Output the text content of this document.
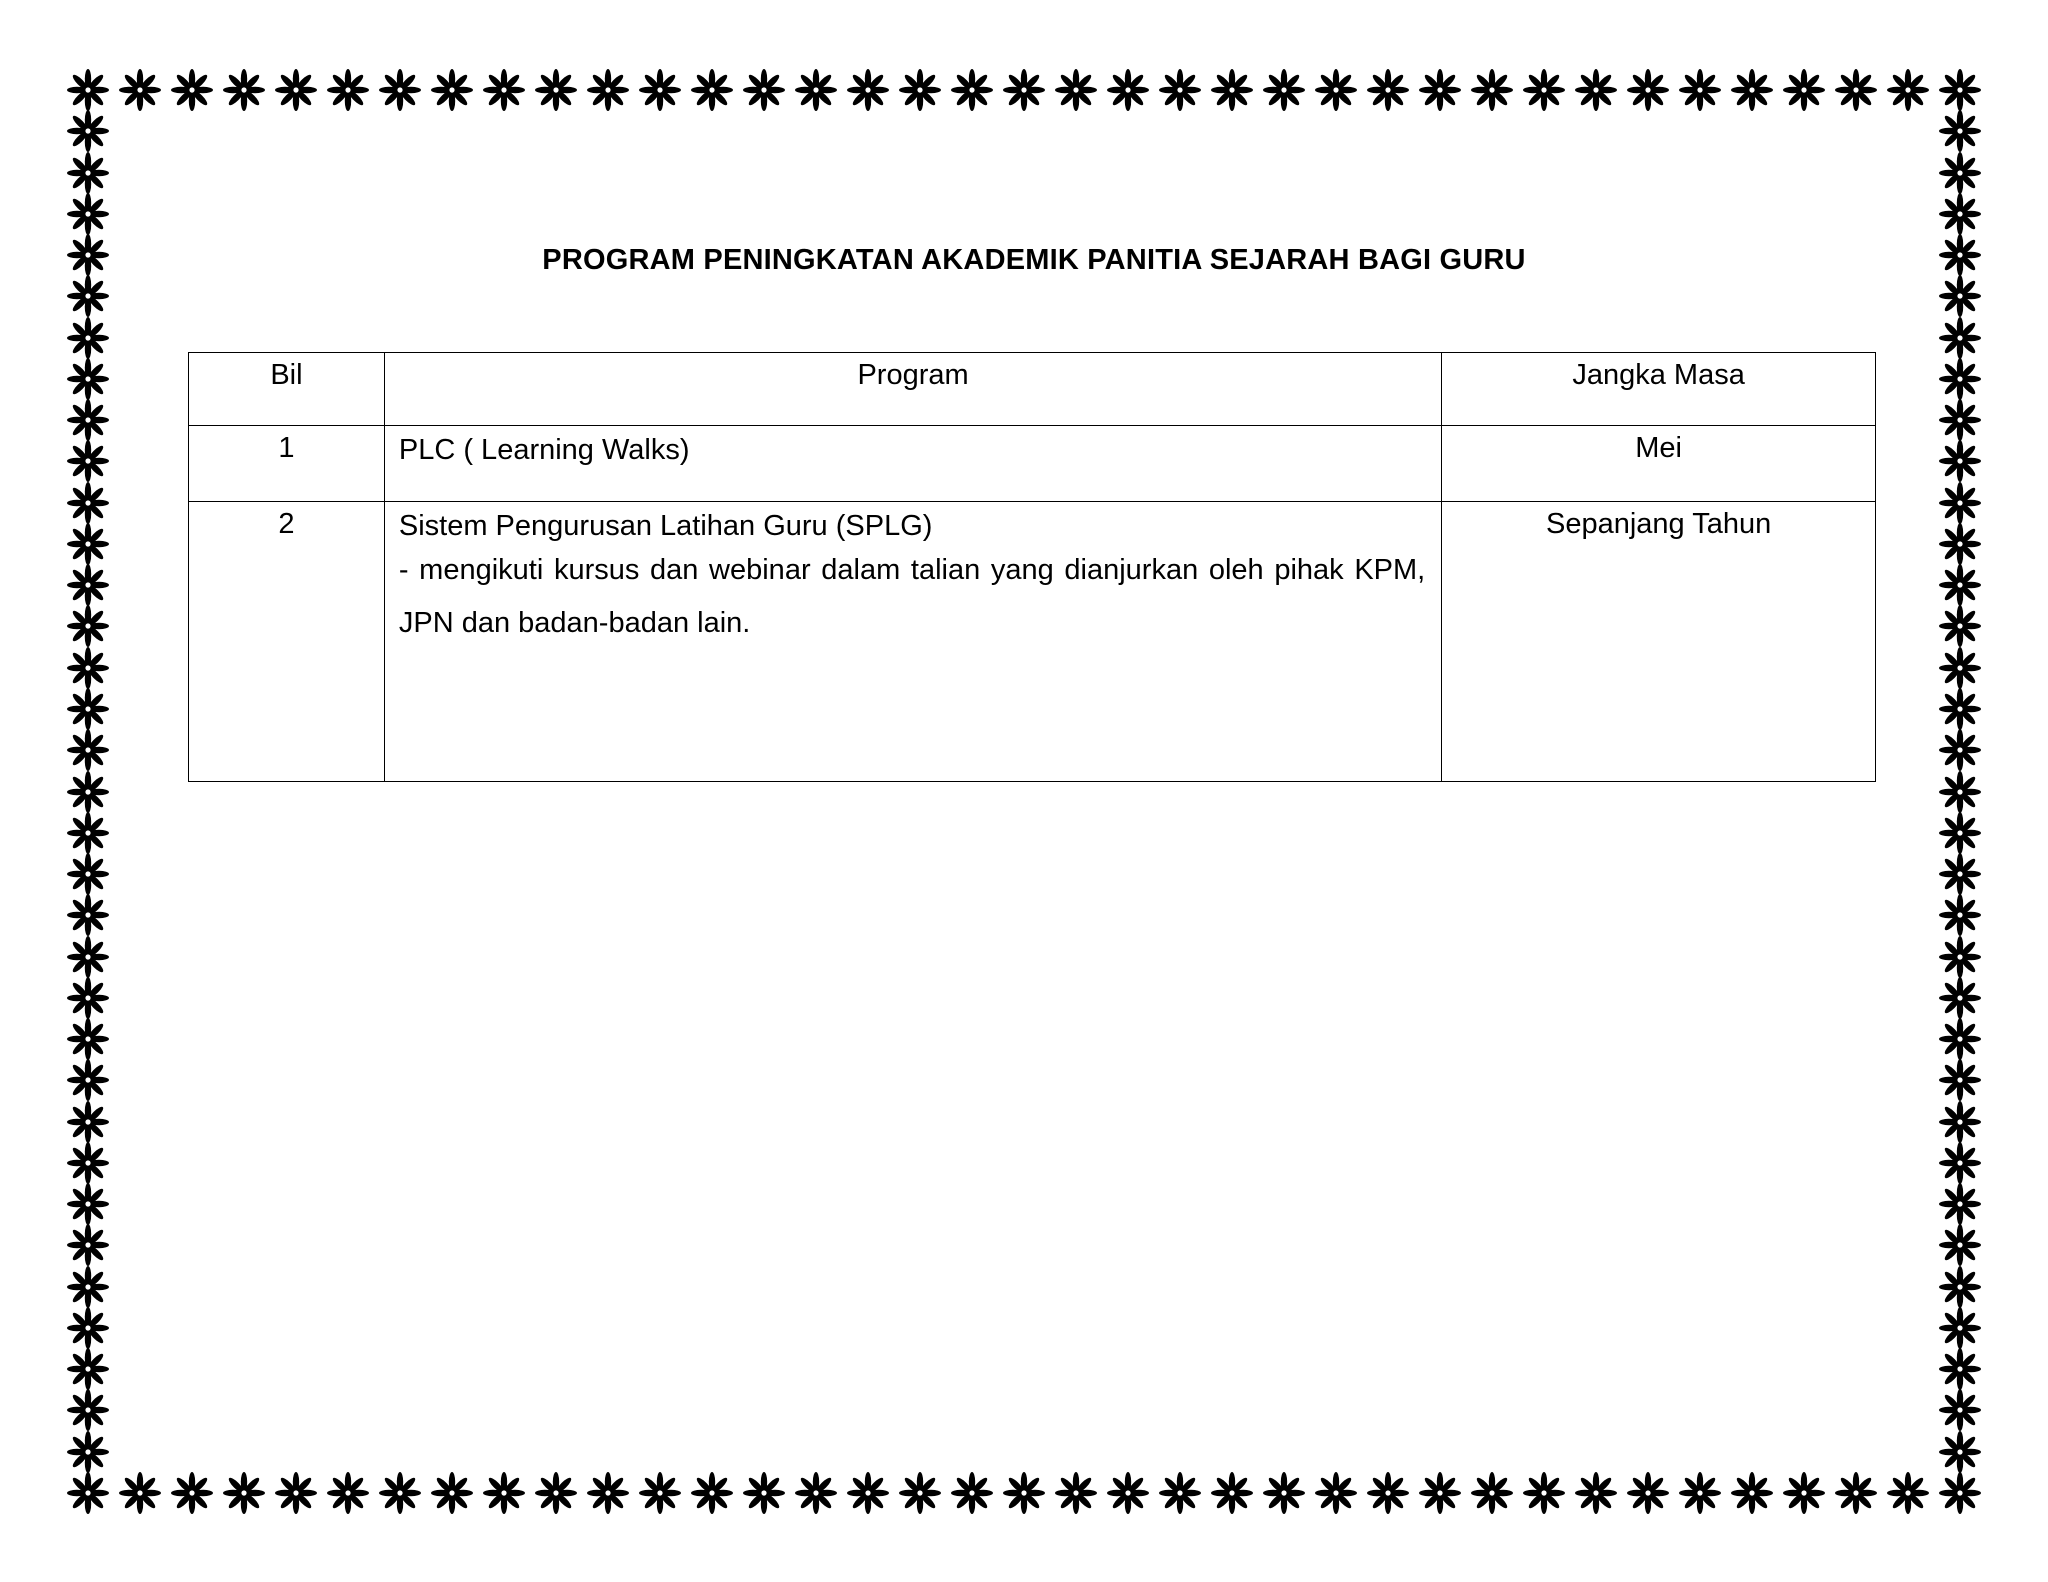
PROGRAM PENINGKATAN AKADEMIK PANITIA SEJARAH BAGI GURU
Bil	Program	Jangka Masa
1	PLC ( Learning Walks)	Mei
2	Sistem Pengurusan Latihan Guru (SPLG)
- mengikuti kursus dan webinar dalam talian yang dianjurkan oleh pihak KPM, JPN dan badan-badan lain.	Sepanjang Tahun
